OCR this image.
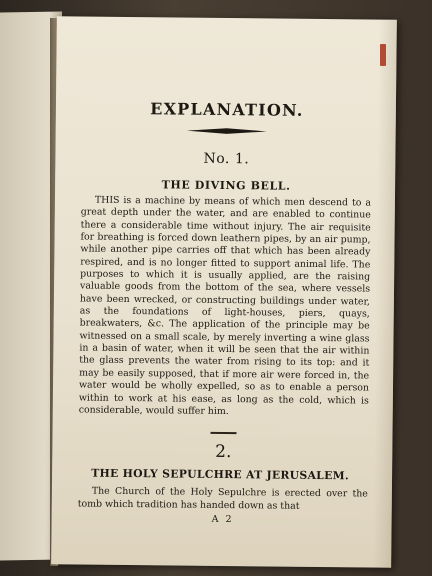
EXPLANATION.
No. 1.
THE DIVING BELL.

THIS is a machine by means of which men descend to a great depth under the water, and are enabled to continue there a considerable time without injury. The air requisite for breathing is forced down leathern pipes, by an air pump, while another pipe carries off that which has been already respired, and is no longer fitted to support animal life. The purposes to which it is usually applied, are the raising valuable goods from the bottom of the sea, where vessels have been wrecked, or constructing buildings under water, as the foundations of light-houses, piers, quays, breakwaters, &c. The application of the principle may be witnessed on a small scale, by merely inverting a wine glass in a basin of water, when it will be seen that the air within the glass prevents the water from rising to its top: and it may be easily supposed, that if more air were forced in, the water would be wholly expelled, so as to enable a person within to work at his ease, as long as the cold, which is considerable, would suffer him.

2.
THE HOLY SEPULCHRE AT JERUSALEM.

The Church of the Holy Sepulchre is erected over the tomb which tradition has handed down as that

A 2
